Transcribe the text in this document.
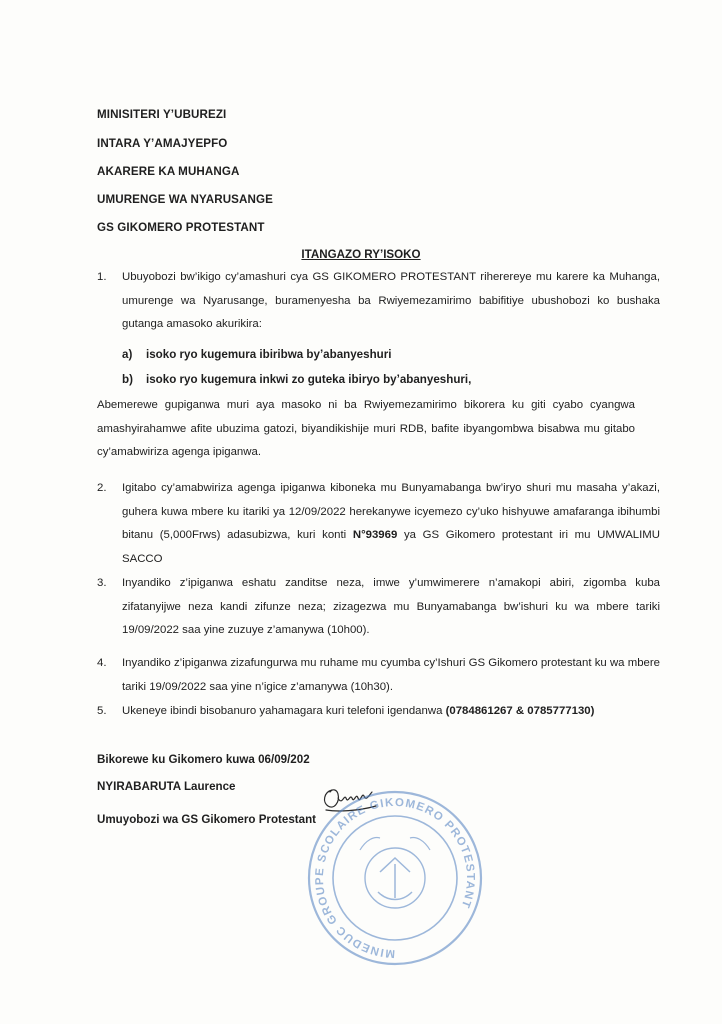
MINISITERI Y’UBUREZI
INTARA Y’AMAJYEPFO
AKARERE KA MUHANGA
UMURENGE WA NYARUSANGE
GS GIKOMERO PROTESTANT
ITANGAZO RY’ISOKO
1. Ubuyobozi bw’ikigo cy’amashuri cya GS GIKOMERO PROTESTANT riherereye mu karere ka Muhanga, umurenge wa Nyarusange, buramenyesha ba Rwiyemezamirimo babifitiye ubushobozi ko bushaka gutanga amasoko akurikira:
a) isoko ryo kugemura ibiribwa by’abanyeshuri
b) isoko ryo kugemura inkwi zo guteka ibiryo by’abanyeshuri,
Abemerewe gupiganwa muri aya masoko ni ba Rwiyemezamirimo bikorera ku giti cyabo cyangwa amashyirahamwe afite ubuzima gatozi, biyandikishije muri RDB, bafite ibyangombwa bisabwa mu gitabo cy’amabwiriza agenga ipiganwa.
2. Igitabo cy’amabwiriza agenga ipiganwa kiboneka mu Bunyamabanga bw’iryo shuri mu masaha y’akazi, guhera kuwa mbere ku itariki ya 12/09/2022 herekanywe icyemezo cy’uko hishyuwe amafaranga ibihumbi bitanu (5,000Frws) adasubizwa, kuri konti N°93969 ya GS Gikomero protestant iri mu UMWALIMU SACCO
3. Inyandiko z’ipiganwa eshatu zanditse neza, imwe y’umwimerere n’amakopi abiri, zigomba kuba zifatanyijwe neza kandi zifunze neza; zizagezwa mu Bunyamabanga bw’ishuri ku wa mbere tariki 19/09/2022 saa yine zuzuye z’amanywa (10h00).
4. Inyandiko z’ipiganwa zizafungurwa mu ruhame mu cyumba cy’Ishuri GS Gikomero protestant ku wa mbere tariki 19/09/2022 saa yine n’igice z’amanywa (10h30).
5. Ukeneye ibindi bisobanuro yahamagara kuri telefoni igendanwa (0784861267 & 0785777130)
Bikorewe ku Gikomero kuwa 06/09/202
NYIRABARUTA Laurence
Umuyobozi wa GS Gikomero Protestant
MINEDUC GROUPE SCOLAIRE GIKOMERO PROTESTANT
